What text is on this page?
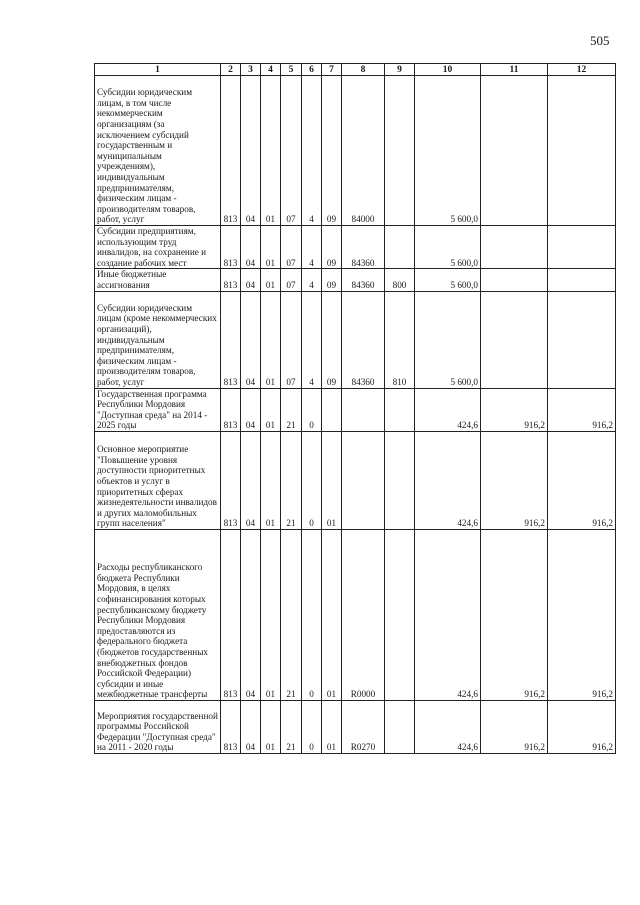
505
1	2	3	4	5	6	7	8	9	10	11	12
Субсидии юридическим лицам, в том числе некоммерческим организациям (за исключением субсидий государственным и муниципальным учреждениям), индивидуальным предпринимателям, физическим лицам - производителям товаров, работ, услуг	813	04	01	07	4	09	84000		5 600,0		
Субсидии предприятиям, использующим труд инвалидов, на сохранение и создание рабочих мест	813	04	01	07	4	09	84360		5 600,0		
Иные бюджетные ассигнования	813	04	01	07	4	09	84360	800	5 600,0		
Субсидии юридическим лицам (кроме некоммерческих организаций), индивидуальным предпринимателям, физическим лицам - производителям товаров, работ, услуг	813	04	01	07	4	09	84360	810	5 600,0		
Государственная программа Республики Мордовия "Доступная среда" на 2014 - 2025 годы	813	04	01	21	0				424,6	916,2	916,2
Основное мероприятие "Повышение уровня доступности приоритетных объектов и услуг в приоритетных сферах жизнедеятельности инвалидов и других маломобильных групп населения"	813	04	01	21	0	01			424,6	916,2	916,2
Расходы республиканского бюджета Республики Мордовия, в целях софинансирования которых республиканскому бюджету Республики Мордовия предоставляются из федерального бюджета (бюджетов государственных внебюджетных фондов Российской Федерации) субсидии и иные межбюджетные трансферты	813	04	01	21	0	01	R0000		424,6	916,2	916,2
Мероприятия государственной программы Российской Федерации "Доступная среда" на 2011 - 2020 годы	813	04	01	21	0	01	R0270		424,6	916,2	916,2
